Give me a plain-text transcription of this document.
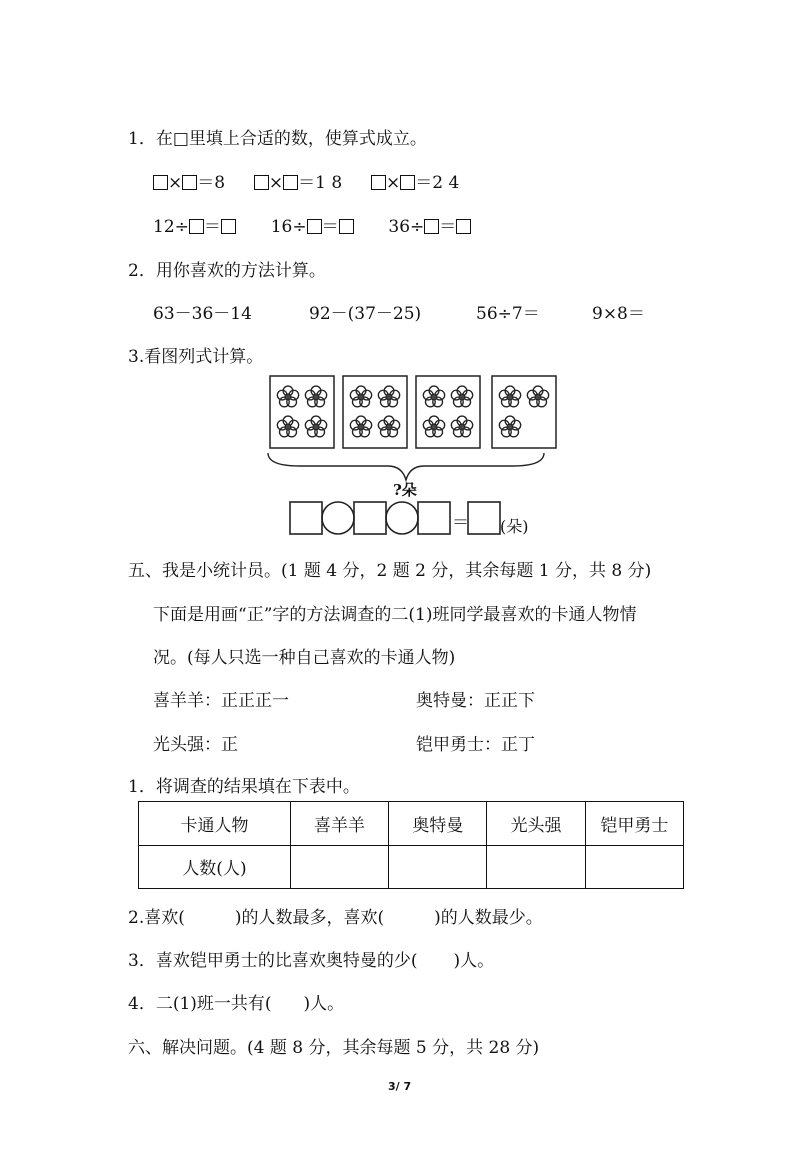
1．在□里填上合适的数，使算式成立。
× ＝8	× ＝1 8	× ＝2 4
12÷ ＝	16÷ ＝	36÷ ＝
2．用你喜欢的方法计算。
63－36－14	92－(37－25)	56÷7＝	9×8＝
3.看图列式计算。
?朵
＝ (朵)
五、我是小统计员。(1 题 4 分，2 题 2 分，其余每题 1 分，共 8 分)
下面是用画“正”字的方法调查的二(1)班同学最喜欢的卡通人物情
况。(每人只选一种自己喜欢的卡通人物)
喜羊羊：正正正一	奥特曼：正正下
光头强：正	铠甲勇士：正丁
1．将调查的结果填在下表中。
卡通人物	喜羊羊	奥特曼	光头强	铠甲勇士
人数(人)				
2.喜欢(	)的人数最多，喜欢(	)的人数最少。
3．喜欢铠甲勇士的比喜欢奥特曼的少( )人。
4．二(1)班一共有( )人。
六、解决问题。(4 题 8 分，其余每题 5 分，共 28 分)
3/ 7
